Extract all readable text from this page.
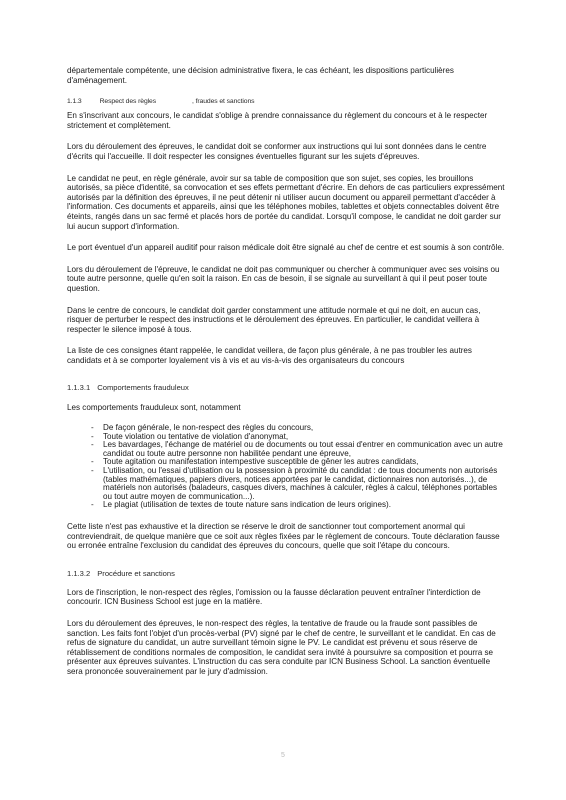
départementale compétente, une décision administrative fixera, le cas échéant, les dispositions particulières d'aménagement.

1.1.3	Respect des règles	, fraudes et sanctions

En s'inscrivant aux concours, le candidat s'oblige à prendre connaissance du règlement du concours et à le respecter strictement et complètement.

Lors du déroulement des épreuves, le candidat doit se conformer aux instructions qui lui sont données dans le centre d'écrits qui l'accueille. Il doit respecter les consignes éventuelles figurant sur les sujets d'épreuves.

Le candidat ne peut, en règle générale, avoir sur sa table de composition que son sujet, ses copies, les brouillons autorisés, sa pièce d'identité, sa convocation et ses effets permettant d'écrire. En dehors de cas particuliers expressément autorisés par la définition des épreuves, il ne peut détenir ni utiliser aucun document ou appareil permettant d'accéder à l'information. Ces documents et appareils, ainsi que les téléphones mobiles, tablettes et objets connectables doivent être éteints, rangés dans un sac fermé et placés hors de portée du candidat. Lorsqu'il compose, le candidat ne doit garder sur lui aucun support d'information.

Le port éventuel d'un appareil auditif pour raison médicale doit être signalé au chef de centre et est soumis à son contrôle.

Lors du déroulement de l'épreuve, le candidat ne doit pas communiquer ou chercher à communiquer avec ses voisins ou toute autre personne, quelle qu'en soit la raison. En cas de besoin, il se signale au surveillant à qui il peut poser toute question.

Dans le centre de concours, le candidat doit garder constamment une attitude normale et qui ne doit, en aucun cas, risquer de perturber le respect des instructions et le déroulement des épreuves. En particulier, le candidat veillera à respecter le silence imposé à tous.

La liste de ces consignes étant rappelée, le candidat veillera, de façon plus générale, à ne pas troubler les autres candidats et à se comporter loyalement vis à vis et au vis-à-vis des organisateurs du concours

1.1.3.1 Comportements frauduleux

Les comportements frauduleux sont, notamment

- De façon générale, le non-respect des règles du concours,
- Toute violation ou tentative de violation d'anonymat,
- Les bavardages, l'échange de matériel ou de documents ou tout essai d'entrer en communication avec un autre candidat ou toute autre personne non habilitée pendant une épreuve,
- Toute agitation ou manifestation intempestive susceptible de gêner les autres candidats,
- L'utilisation, ou l'essai d'utilisation ou la possession à proximité du candidat : de tous documents non autorisés (tables mathématiques, papiers divers, notices apportées par le candidat, dictionnaires non autorisés...), de matériels non autorisés (baladeurs, casques divers, machines à calculer, règles à calcul, téléphones portables ou tout autre moyen de communication...).
- Le plagiat (utilisation de textes de toute nature sans indication de leurs origines).

Cette liste n'est pas exhaustive et la direction se réserve le droit de sanctionner tout comportement anormal qui contreviendrait, de quelque manière que ce soit aux règles fixées par le règlement de concours. Toute déclaration fausse ou erronée entraîne l'exclusion du candidat des épreuves du concours, quelle que soit l'étape du concours.

1.1.3.2 Procédure et sanctions

Lors de l'inscription, le non-respect des règles, l'omission ou la fausse déclaration peuvent entraîner l'interdiction de concourir. ICN Business School est juge en la matière.

Lors du déroulement des épreuves, le non-respect des règles, la tentative de fraude ou la fraude sont passibles de sanction. Les faits font l'objet d'un procès-verbal (PV) signé par le chef de centre, le surveillant et le candidat. En cas de refus de signature du candidat, un autre surveillant témoin signe le PV. Le candidat est prévenu et sous réserve de rétablissement de conditions normales de composition, le candidat sera invité à poursuivre sa composition et pourra se présenter aux épreuves suivantes. L'instruction du cas sera conduite par ICN Business School. La sanction éventuelle sera prononcée souverainement par le jury d'admission.

5
